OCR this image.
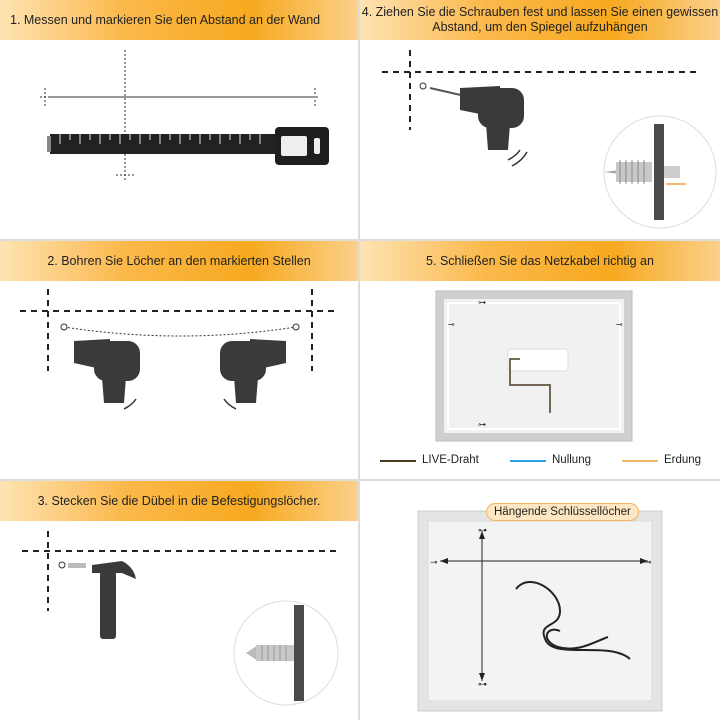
1. Messen und markieren Sie den Abstand an der Wand
4. Ziehen Sie die Schrauben fest und lassen Sie einen gewissen Abstand, um den Spiegel aufzuhängen
2. Bohren Sie Löcher an den markierten Stellen	5. Schließen Sie das Netzkabel richtig an
⊶
⊸	⊸
⊶
LIVE-Draht	Nullung	Erdung
3. Stecken Sie die Dübel in die Befestigungslöcher.
⊶
⊸	⊸
⊶
Hängende Schlüssellöcher
